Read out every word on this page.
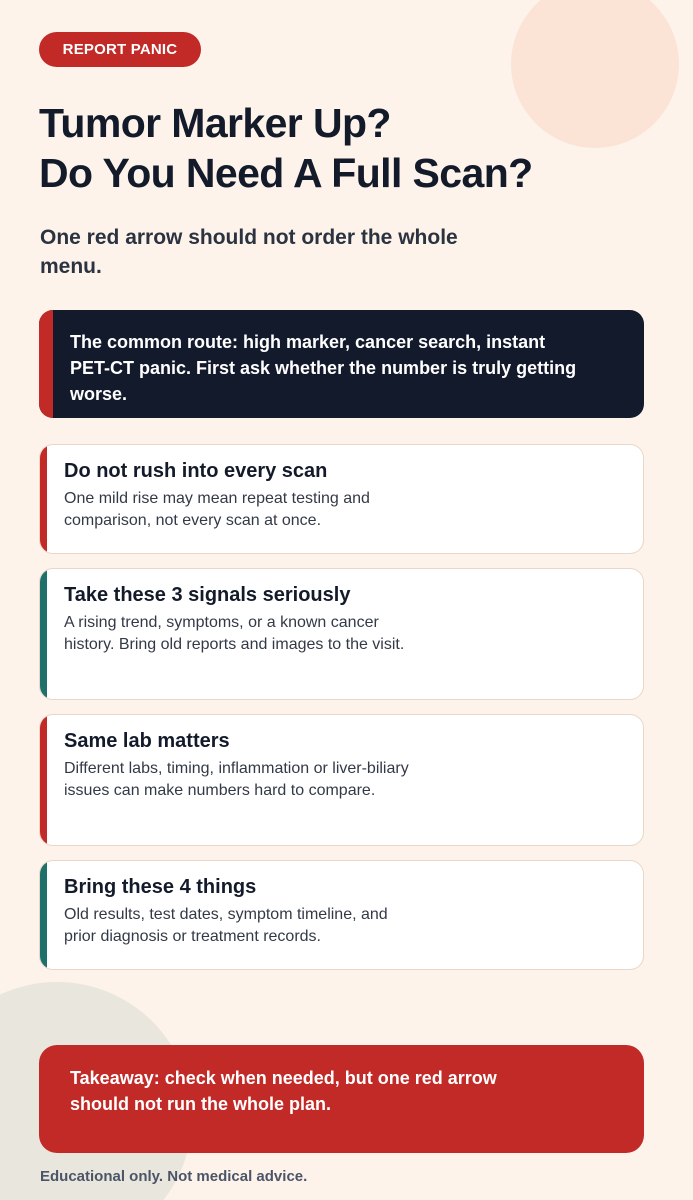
REPORT PANIC
Tumor Marker Up?
Do You Need A Full Scan?

One red arrow should not order the whole menu.

The common route: high marker, cancer search, instant PET-CT panic. First ask whether the number is truly getting worse.

Do not rush into every scan
One mild rise may mean repeat testing and comparison, not every scan at once.
Take these 3 signals seriously
A rising trend, symptoms, or a known cancer history. Bring old reports and images to the visit.
Same lab matters
Different labs, timing, inflammation or liver-biliary issues can make numbers hard to compare.
Bring these 4 things
Old results, test dates, symptom timeline, and prior diagnosis or treatment records.

Takeaway: check when needed, but one red arrow should not run the whole plan.

Educational only. Not medical advice.
